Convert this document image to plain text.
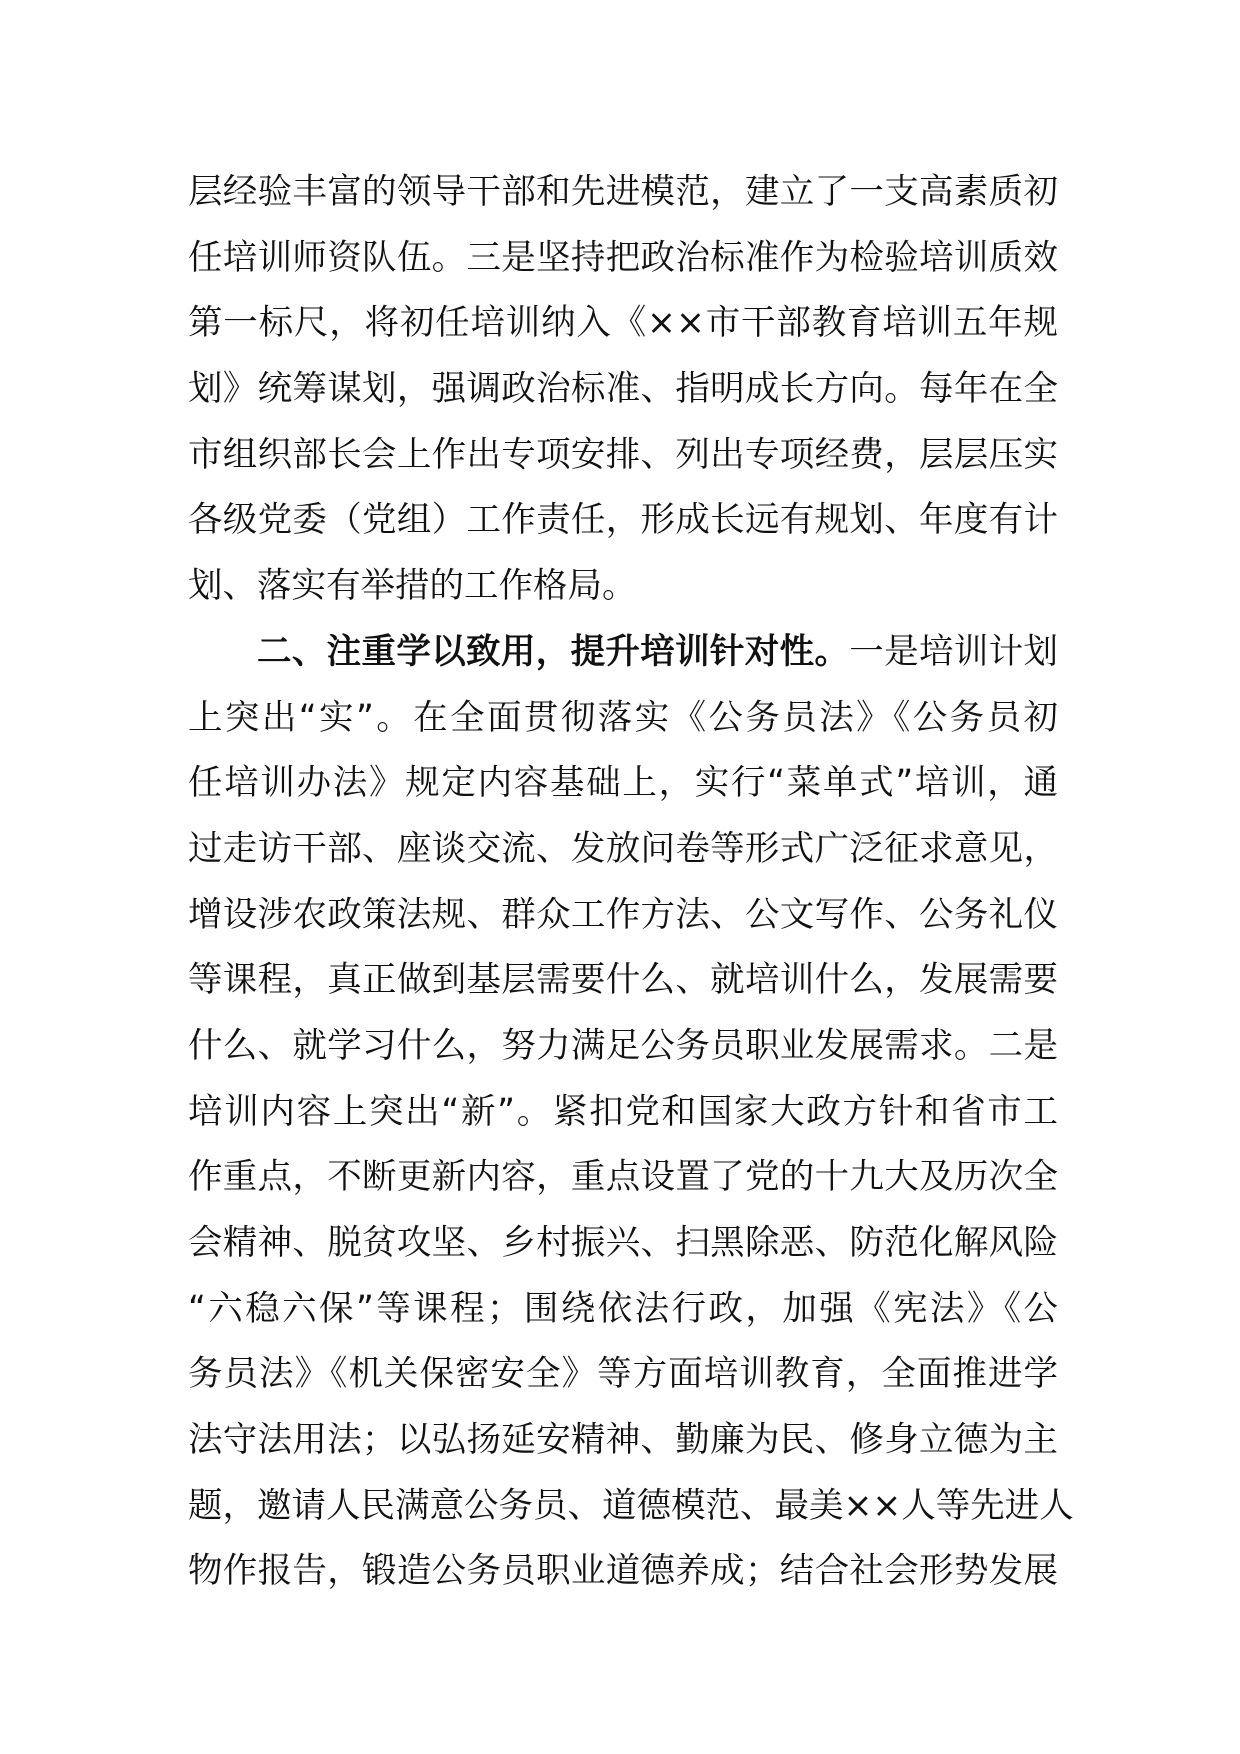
层经验丰富的领导干部和先进模范，建立了一支高素质初
任培训师资队伍。三是坚持把政治标准作为检验培训质效
第一标尺，将初任培训纳入《××市干部教育培训五年规
划》统筹谋划，强调政治标准、指明成长方向。每年在全
市组织部长会上作出专项安排、列出专项经费，层层压实
各级党委（党组）工作责任，形成长远有规划、年度有计
划、落实有举措的工作格局。
二、注重学以致用，提升培训针对性。一是培训计划
上突出“实”。在全面贯彻落实《公务员法》《公务员初
任培训办法》规定内容基础上，实行“菜单式”培训，通
过走访干部、座谈交流、发放问卷等形式广泛征求意见，
增设涉农政策法规、群众工作方法、公文写作、公务礼仪
等课程，真正做到基层需要什么、就培训什么，发展需要
什么、就学习什么，努力满足公务员职业发展需求。二是
培训内容上突出“新”。紧扣党和国家大政方针和省市工
作重点，不断更新内容，重点设置了党的十九大及历次全
会精神、脱贫攻坚、乡村振兴、扫黑除恶、防范化解风险
“六稳六保”等课程；围绕依法行政，加强《宪法》《公
务员法》《机关保密安全》等方面培训教育，全面推进学
法守法用法；以弘扬延安精神、勤廉为民、修身立德为主
题，邀请人民满意公务员、道德模范、最美××人等先进人
物作报告，锻造公务员职业道德养成；结合社会形势发展
